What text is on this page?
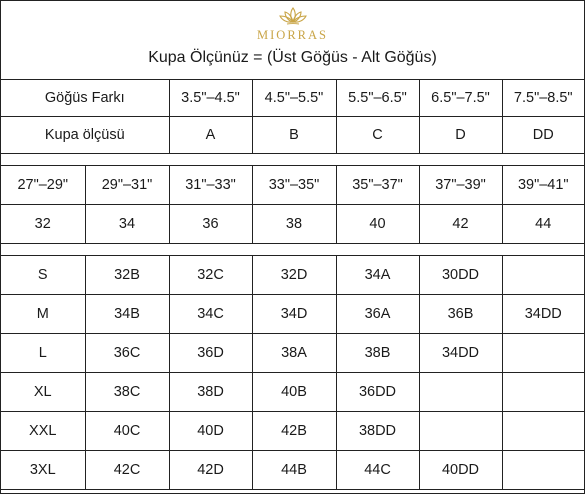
MIORRAS
Kupa Ölçünüz = (Üst Göğüs - Alt Göğüs)
Göğüs Farkı		3.5"–4.5"	4.5"–5.5"	5.5"–6.5"	6.5"–7.5"	7.5"–8.5"
Kupa ölçüsü		A	B	C	D	DD

27"–29"	29"–31"	31"–33"	33"–35"	35"–37"	37"–39"	39"–41"
32	34	36	38	40	42	44

S	32B	32C	32D	34A	30DD	
M	34B	34C	34D	36A	36B	34DD
L	36C	36D	38A	38B	34DD	
XL	38C	38D	40B	36DD		
XXL	40C	40D	42B	38DD		
3XL	42C	42D	44B	44C	40DD	
